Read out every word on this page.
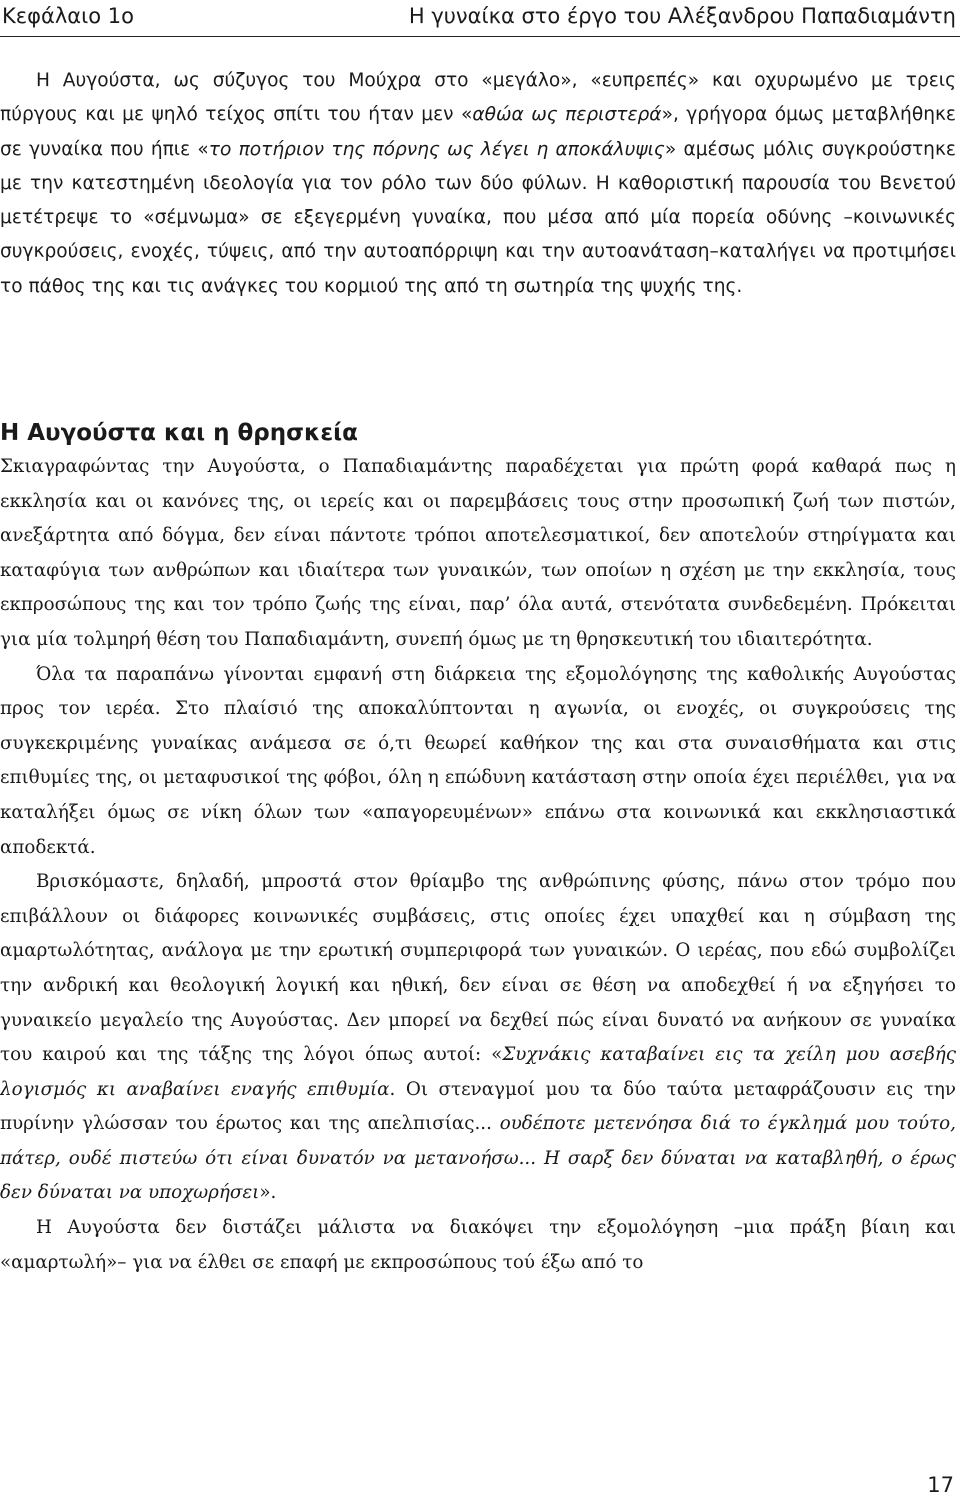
Κεφάλαιο 1ο	Η γυναίκα στο έργο του Αλέξανδρου Παπαδιαμάντη

Η Αυγούστα, ως σύζυγος του Μούχρα στο «μεγάλο», «ευπρεπές» και οχυρωμένο με τρεις πύργους και με ψηλό τείχος σπίτι του ήταν μεν «αθώα ως περιστερά», γρήγορα όμως μεταβλήθηκε σε γυναίκα που ήπιε «το ποτήριον της πόρνης ως λέγει η αποκάλυψις» αμέσως μόλις συγκρούστηκε με την κατεστημένη ιδεολογία για τον ρόλο των δύο φύλων. Η καθοριστική παρουσία του Βενετού μετέτρεψε το «σέμνωμα» σε εξεγερμένη γυναίκα, που μέσα από μία πορεία οδύνης –κοινωνικές συγκρούσεις, ενοχές, τύψεις, από την αυτοαπόρριψη και την αυτοανάταση–καταλήγει να προτιμήσει το πάθος της και τις ανάγκες του κορμιού της από τη σωτηρία της ψυχής της.

Η Αυγούστα και η θρησκεία

Σκιαγραφώντας την Αυγούστα, ο Παπαδιαμάντης παραδέχεται για πρώτη φορά καθαρά πως η εκκλησία και οι κανόνες της, οι ιερείς και οι παρεμβάσεις τους στην προσωπική ζωή των πιστών, ανεξάρτητα από δόγμα, δεν είναι πάντοτε τρόποι αποτελεσματικοί, δεν αποτελούν στηρίγματα και καταφύγια των ανθρώπων και ιδιαίτερα των γυναικών, των οποίων η σχέση με την εκκλησία, τους εκπροσώπους της και τον τρόπο ζωής της είναι, παρ’ όλα αυτά, στενότατα συνδεδεμένη. Πρόκειται για μία τολμηρή θέση του Παπαδιαμάντη, συνεπή όμως με τη θρησκευτική του ιδιαιτερότητα.

Όλα τα παραπάνω γίνονται εμφανή στη διάρκεια της εξομολόγησης της καθολικής Αυγούστας προς τον ιερέα. Στο πλαίσιό της αποκαλύπτονται η αγωνία, οι ενοχές, οι συγκρούσεις της συγκεκριμένης γυναίκας ανάμεσα σε ό,τι θεωρεί καθήκον της και στα συναισθήματα και στις επιθυμίες της, οι μεταφυσικοί της φόβοι, όλη η επώδυνη κατάσταση στην οποία έχει περιέλθει, για να καταλήξει όμως σε νίκη όλων των «απαγορευμένων» επάνω στα κοινωνικά και εκκλησιαστικά αποδεκτά.

Βρισκόμαστε, δηλαδή, μπροστά στον θρίαμβο της ανθρώπινης φύσης, πάνω στον τρόμο που επιβάλλουν οι διάφορες κοινωνικές συμβάσεις, στις οποίες έχει υπαχθεί και η σύμβαση της αμαρτωλότητας, ανάλογα με την ερωτική συμπεριφορά των γυναικών. Ο ιερέας, που εδώ συμβολίζει την ανδρική και θεολογική λογική και ηθική, δεν είναι σε θέση να αποδεχθεί ή να εξηγήσει το γυναικείο μεγαλείο της Αυγούστας. Δεν μπορεί να δεχθεί πώς είναι δυνατό να ανήκουν σε γυναίκα του καιρού και της τάξης της λόγοι όπως αυτοί: «Συχνάκις καταβαίνει εις τα χείλη μου ασεβής λογισμός κι αναβαίνει εναγής επιθυμία. Οι στεναγμοί μου τα δύο ταύτα μεταφράζουσιν εις την πυρίνην γλώσσαν του έρωτος και της απελπισίας... ουδέποτε μετενόησα διά το έγκλημά μου τούτο, πάτερ, ουδέ πιστεύω ότι είναι δυνατόν να μετανοήσω... Η σαρξ δεν δύναται να καταβληθή, ο έρως δεν δύναται να υποχωρήσει».

Η Αυγούστα δεν διστάζει μάλιστα να διακόψει την εξομολόγηση –μια πράξη βίαιη και «αμαρτωλή»– για να έλθει σε επαφή με εκπροσώπους τού έξω από το

17
